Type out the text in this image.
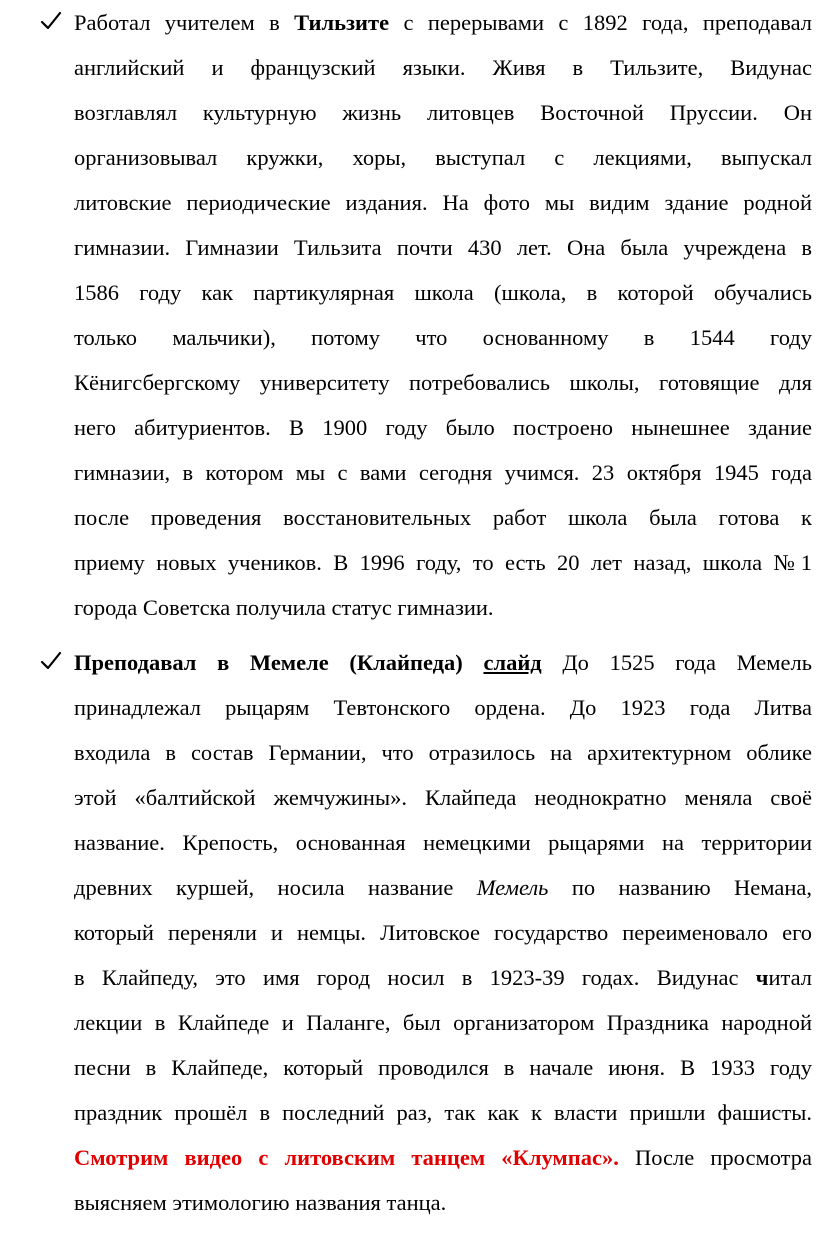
Работал учителем в Тильзите с перерывами с 1892 года, преподавал
английский и французский языки. Живя в Тильзите, Видунас
возглавлял культурную жизнь литовцев Восточной Пруссии. Он
организовывал кружки, хоры, выступал с лекциями, выпускал
литовские периодические издания. На фото мы видим здание родной
гимназии. Гимназии Тильзита почти 430 лет. Она была учреждена в
1586 году как партикулярная школа (школа, в которой обучались
только мальчики), потому что основанному в 1544 году
Кёнигсбергскому университету потребовались школы, готовящие для
него абитуриентов. В 1900 году было построено нынешнее здание
гимназии, в котором мы с вами сегодня учимся. 23 октября 1945 года
после проведения восстановительных работ школа была готова к
приему новых учеников. В 1996 году, то есть 20 лет назад, школа №1
города Советска получила статус гимназии.
Преподавал в Мемеле (Клайпеда) слайд До 1525 года Мемель
принадлежал рыцарям Тевтонского ордена. До 1923 года Литва
входила в состав Германии, что отразилось на архитектурном облике
этой «балтийской жемчужины». Клайпеда неоднократно меняла своё
название. Крепость, основанная немецкими рыцарями на территории
древних куршей, носила название Мемель по названию Немана,
который переняли и немцы. Литовское государство переименовало его
в Клайпеду, это имя город носил в 1923-39 годах. Видунас читал
лекции в Клайпеде и Паланге, был организатором Праздника народной
песни в Клайпеде, который проводился в начале июня. В 1933 году
праздник прошёл в последний раз, так как к власти пришли фашисты.
Смотрим видео с литовским танцем «Клумпас». После просмотра
выясняем этимологию названия танца.
